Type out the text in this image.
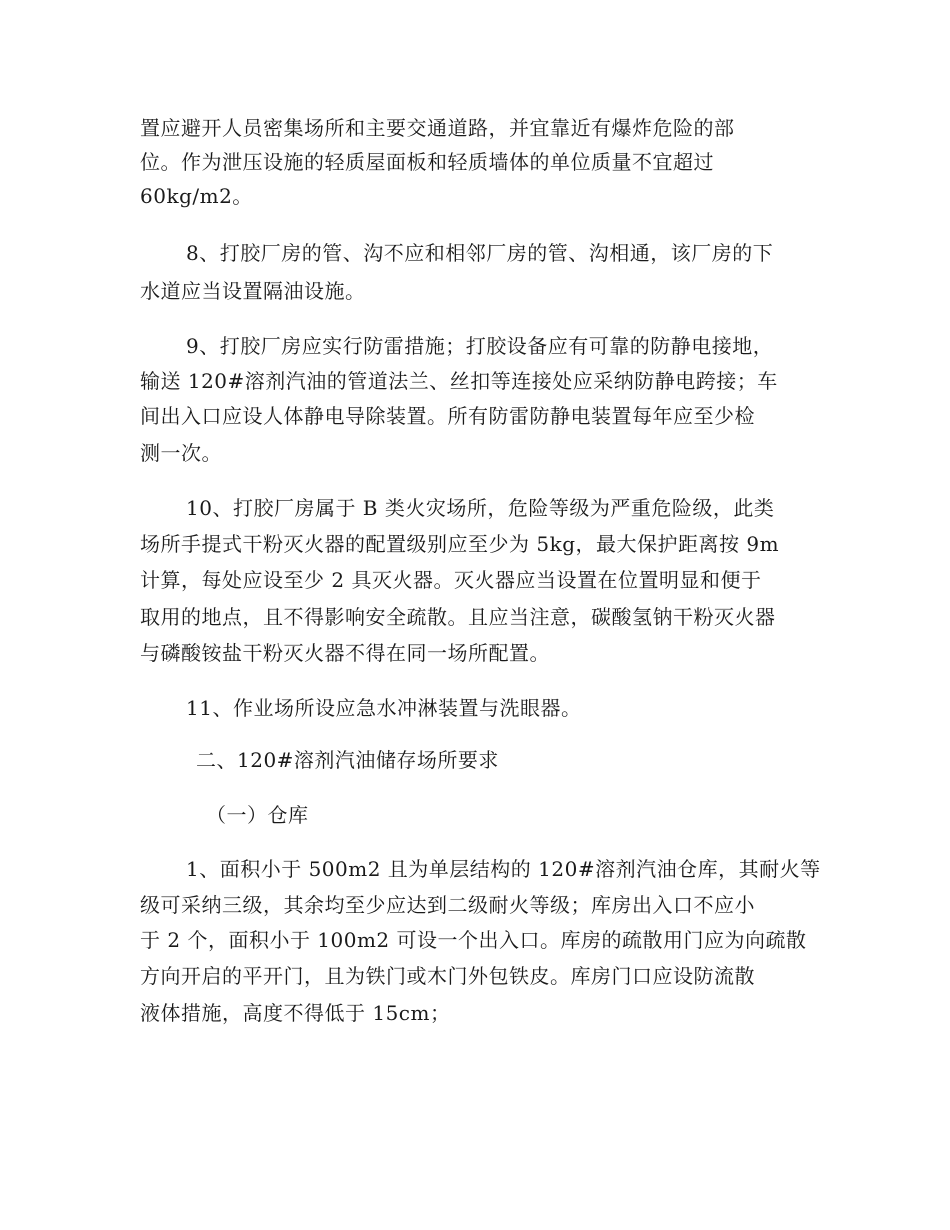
置应避开人员密集场所和主要交通道路，并宜靠近有爆炸危险的部
位。作为泄压设施的轻质屋面板和轻质墙体的单位质量不宜超过
60kg/m2。
8、打胶厂房的管、沟不应和相邻厂房的管、沟相通，该厂房的下
水道应当设置隔油设施。
9、打胶厂房应实行防雷措施；打胶设备应有可靠的防静电接地，
输送 120#溶剂汽油的管道法兰、丝扣等连接处应采纳防静电跨接；车
间出入口应设人体静电导除装置。所有防雷防静电装置每年应至少检
测一次。
10、打胶厂房属于 B 类火灾场所，危险等级为严重危险级，此类
场所手提式干粉灭火器的配置级别应至少为 5kg，最大保护距离按 9m
计算，每处应设至少 2 具灭火器。灭火器应当设置在位置明显和便于
取用的地点，且不得影响安全疏散。且应当注意，碳酸氢钠干粉灭火器
与磷酸铵盐干粉灭火器不得在同一场所配置。
11、作业场所设应急水冲淋装置与洗眼器。
二、120#溶剂汽油储存场所要求
（一）仓库
1、面积小于 500m2 且为单层结构的 120#溶剂汽油仓库，其耐火等
级可采纳三级，其余均至少应达到二级耐火等级；库房出入口不应小
于 2 个，面积小于 100m2 可设一个出入口。库房的疏散用门应为向疏散
方向开启的平开门，且为铁门或木门外包铁皮。库房门口应设防流散
液体措施，高度不得低于 15cm；
